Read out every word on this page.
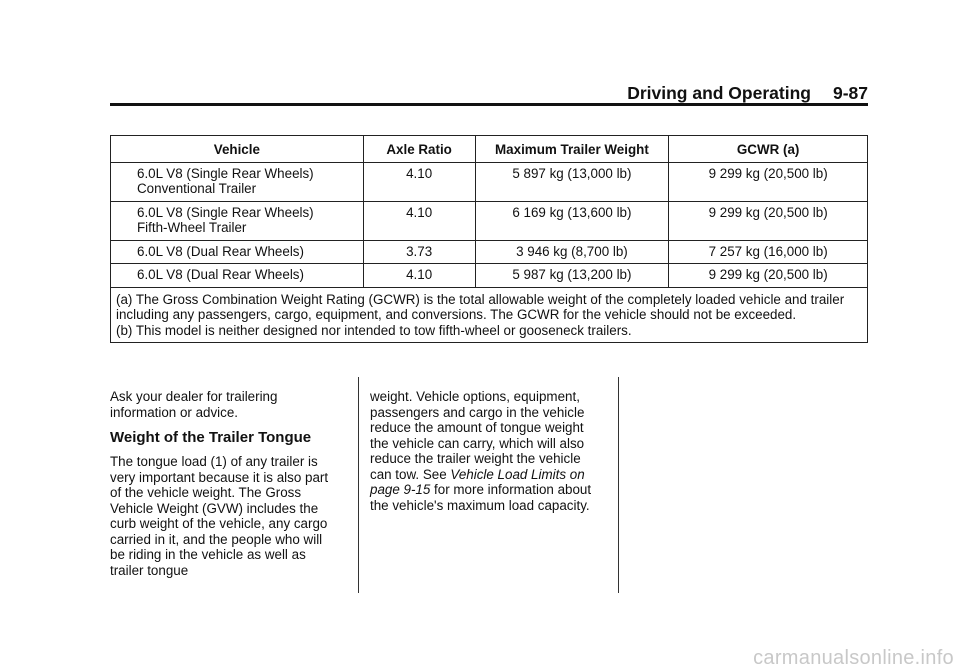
Driving and Operating 9-87
Vehicle	Axle Ratio	Maximum Trailer Weight	GCWR (a)

6.0L V8 (Single Rear Wheels)
Conventional Trailer	4.10	5 897 kg (13,000 lb)	9 299 kg (20,500 lb)

6.0L V8 (Single Rear Wheels)
Fifth-Wheel Trailer	4.10	6 169 kg (13,600 lb)	9 299 kg (20,500 lb)

6.0L V8 (Dual Rear Wheels)	3.73	3 946 kg (8,700 lb)	7 257 kg (16,000 lb)

6.0L V8 (Dual Rear Wheels)	4.10	5 987 kg (13,200 lb)	9 299 kg (20,500 lb)

(a) The Gross Combination Weight Rating (GCWR) is the total allowable weight of the completely loaded vehicle and trailer including any passengers, cargo, equipment, and conversions. The GCWR for the vehicle should not be exceeded.
(b) This model is neither designed nor intended to tow fifth-wheel or gooseneck trailers.			

Ask your dealer for trailering information or advice.

Weight of the Trailer Tongue

The tongue load (1) of any trailer is very important because it is also part of the vehicle weight. The Gross Vehicle Weight (GVW) includes the curb weight of the vehicle, any cargo carried in it, and the people who will be riding in the vehicle as well as trailer tongue

weight. Vehicle options, equipment, passengers and cargo in the vehicle reduce the amount of tongue weight the vehicle can carry, which will also reduce the trailer weight the vehicle can tow. See Vehicle Load Limits on page 9-15 for more information about the vehicle's maximum load capacity.

carmanualsonline.info
